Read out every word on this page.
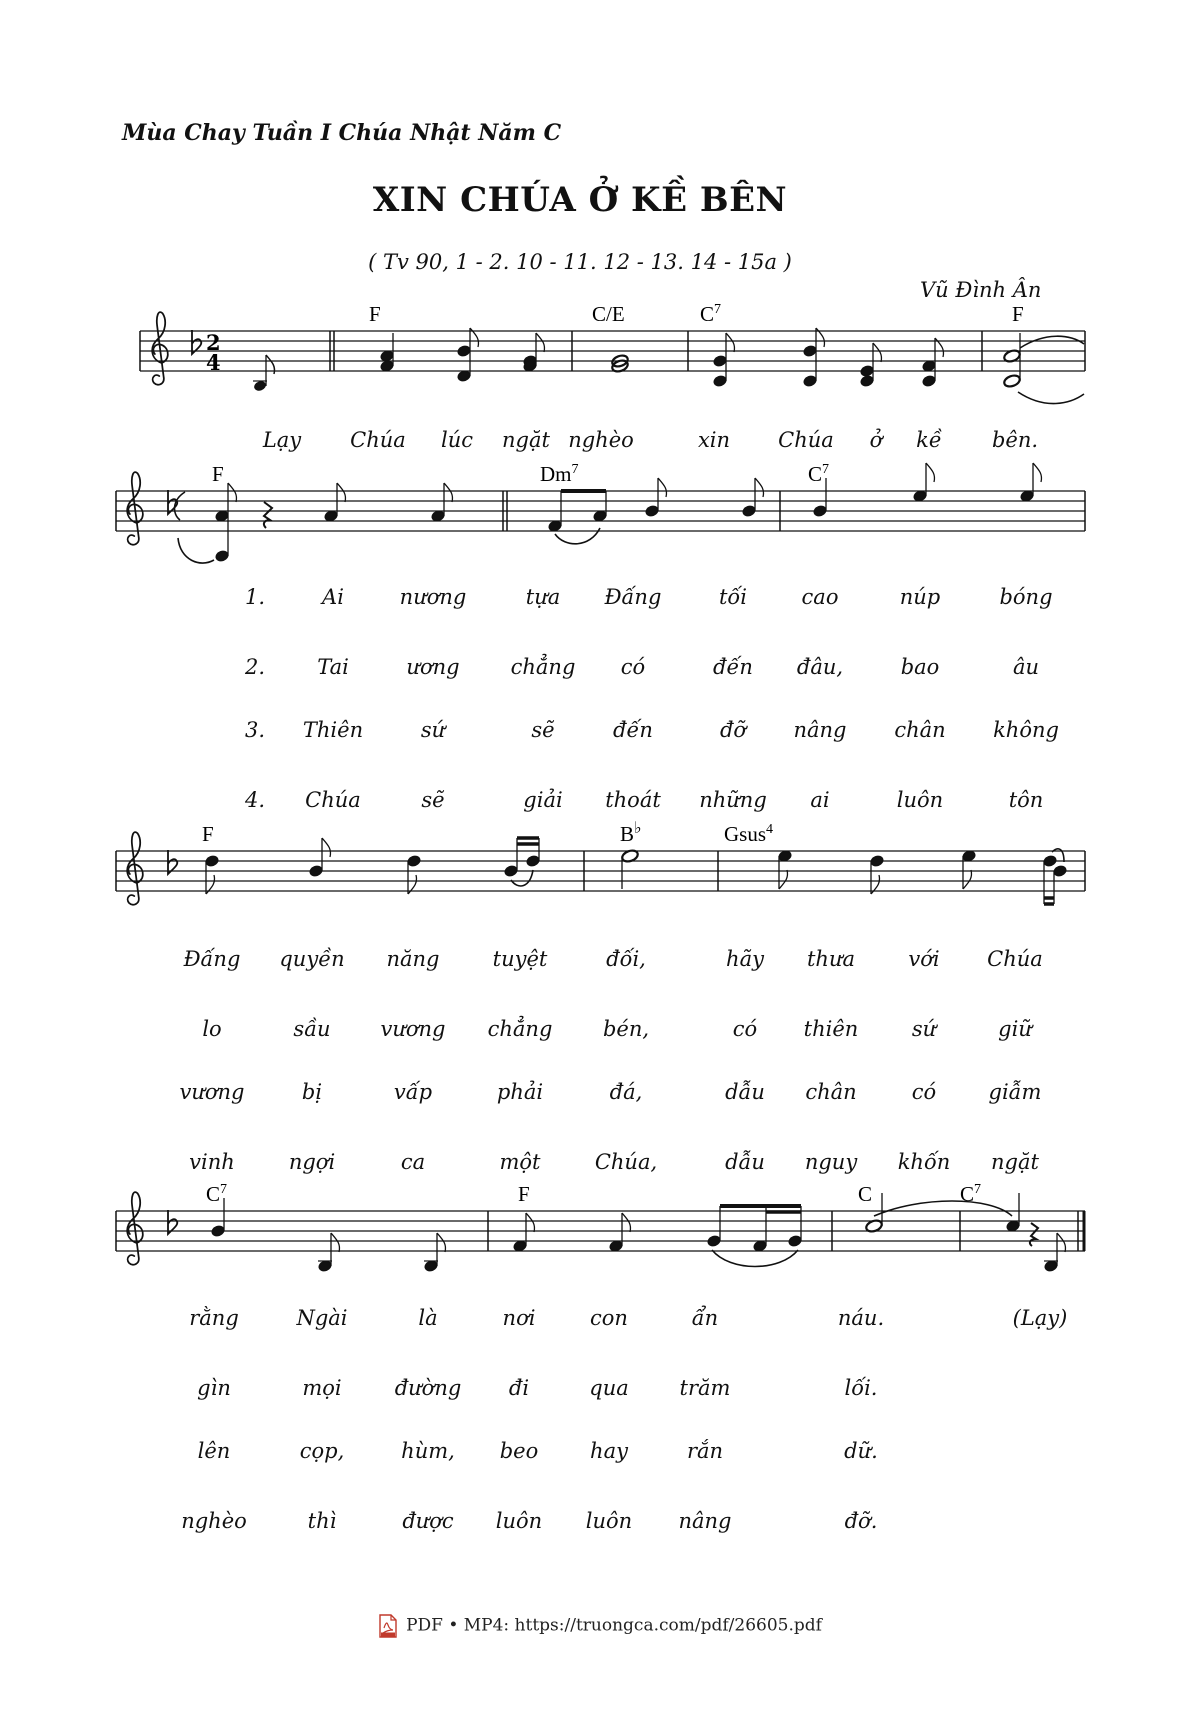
Mùa Chay Tuần I Chúa Nhật Năm C
XIN CHÚA Ở KỀ BÊN
( Tv 90, 1 - 2. 10 - 11. 12 - 13. 14 - 15a )
Vũ Đình Ân
2
4
F	C/E	$C^7$	F
F	Dm$^7$	$C^7$
F	B♭	Gsus$^4$
$C^7$	F	C	$C^7$
Lạy Chúa lúc ngặt nghèo	xin Chúa ở kề bên.
1.	Ai	nương	tựa Đấng	tối	cao	núp	bóng
2. Tai	ương chẳng có	đến đâu,	bao	âu
3. Thiên	sứ	sẽ	đến	đỡ nâng chân không
4. Chúa	sẽ	giải thoát những ai	luôn	tôn
Đấng quyền năng	tuyệt	đối,	hãy thưa	với Chúa
lo	sầu vương chẳng bén,	có thiên	sứ	giữ
vương	bị	vấp	phải	đá,	dẫu chân	có giẫm
vinh	ngợi	ca	một	Chúa,	dẫu nguy khốn ngặt
rằng	Ngài	là	nơi	con	ẩn	náu.	(Lạy)
gìn	mọi	đường đi	qua trăm	lối.
lên	cọp,	hùm, beo hay	rắn	dữ.
nghèo	thì	được luôn luôn nâng	đỡ.
PDF • MP4: https://truongca.com/pdf/26605.pdf
